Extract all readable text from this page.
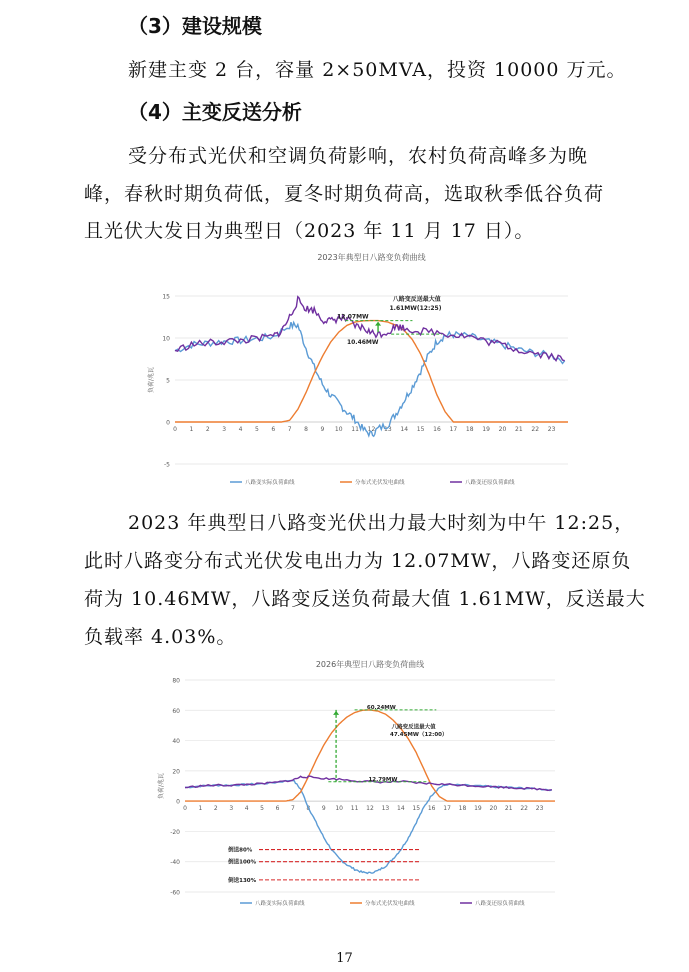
（3）建设规模
新建主变 2 台，容量 2×50MVA，投资 10000 万元。
（4）主变反送分析
受分布式光伏和空调负荷影响，农村负荷高峰多为晚
峰，春秋时期负荷低，夏冬时期负荷高，选取秋季低谷负荷
且光伏大发日为典型日（2023 年 11 月 17 日）。
2023年典型日八路变负荷曲线
-5
0
5
10
15
0 1 2 3 4 5 6 7 8 9 10 11 12 13 14 15 16 17 18 19 20 21 22 23
负荷/兆瓦
八路变实际负荷曲线	分布式光伏发电曲线	八路变还原负荷曲线
12.07MW
10.46MW
八路变反送最大值
1.61MW(12:25)
2023 年典型日八路变光伏出力最大时刻为中午 12:25，
此时八路变分布式光伏发电出力为 12.07MW，八路变还原负
荷为 10.46MW，八路变反送负荷最大值 1.61MW，反送最大
负载率 4.03%。
2026年典型日八路变负荷曲线
-60
-40
-20
0
20
40
60
80
0 1 2 3 4 5 6 7 8 9 10 11 12 13 14 15 16 17 18 19 20 21 22 23
负荷/兆瓦
八路变实际负荷曲线	分布式光伏发电曲线	八路变还原负荷曲线
60.24MW
12.79MW
八路变反送最大值
47.45MW（12:00）
倒送80%
倒送100%
倒送130%
17
